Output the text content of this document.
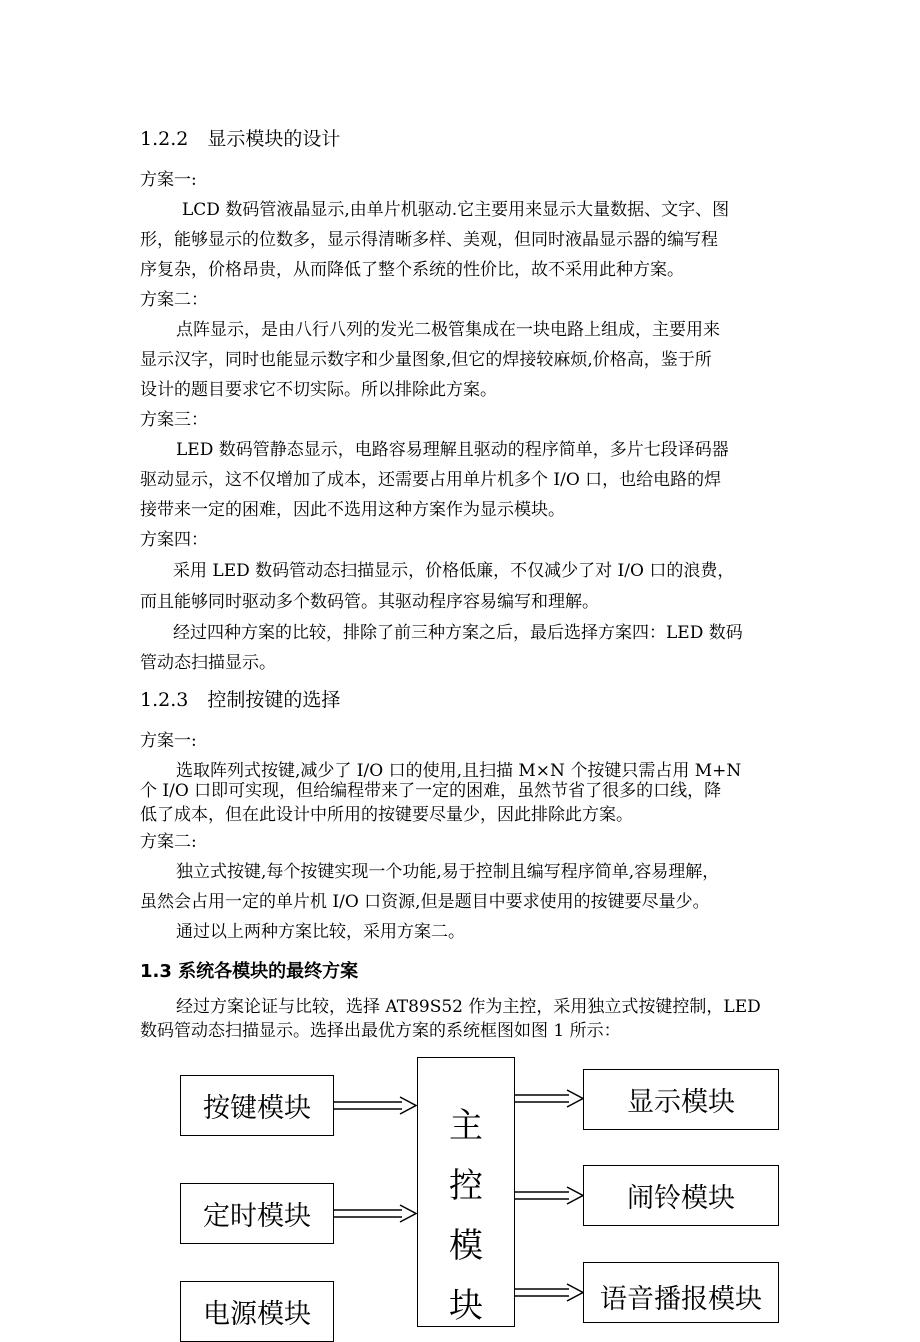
1.2.2　显示模块的设计
方案一:
LCD 数码管液晶显示,由单片机驱动.它主要用来显示大量数据、文字、图
形，能够显示的位数多，显示得清晰多样、美观，但同时液晶显示器的编写程
序复杂，价格昂贵，从而降低了整个系统的性价比，故不采用此种方案。
方案二：
点阵显示，是由八行八列的发光二极管集成在一块电路上组成，主要用来
显示汉字，同时也能显示数字和少量图象,但它的焊接较麻烦,价格高，鉴于所
设计的题目要求它不切实际。所以排除此方案。
方案三：
LED 数码管静态显示，电路容易理解且驱动的程序简单，多片七段译码器
驱动显示，这不仅增加了成本，还需要占用单片机多个 I/O 口，也给电路的焊
接带来一定的困难，因此不选用这种方案作为显示模块。
方案四：
采用 LED 数码管动态扫描显示，价格低廉，不仅减少了对 I/O 口的浪费，
而且能够同时驱动多个数码管。其驱动程序容易编写和理解。
经过四种方案的比较，排除了前三种方案之后，最后选择方案四：LED 数码
管动态扫描显示。
1.2.3　控制按键的选择
方案一:
选取阵列式按键,减少了 I/O 口的使用,且扫描 M×N 个按键只需占用 M+N
个 I/O 口即可实现，但给编程带来了一定的困难，虽然节省了很多的口线，降
低了成本，但在此设计中所用的按键要尽量少，因此排除此方案。
方案二:
独立式按键,每个按键实现一个功能,易于控制且编写程序简单,容易理解，
虽然会占用一定的单片机 I/O 口资源,但是题目中要求使用的按键要尽量少。
通过以上两种方案比较，采用方案二。
1.3 系统各模块的最终方案
经过方案论证与比较，选择 AT89S52 作为主控，采用独立式按键控制，LED
数码管动态扫描显示。选择出最优方案的系统框图如图 1 所示：
按键模块
定时模块
电源模块
主
控
模
块
显示模块
闹铃模块
语音播报模块
